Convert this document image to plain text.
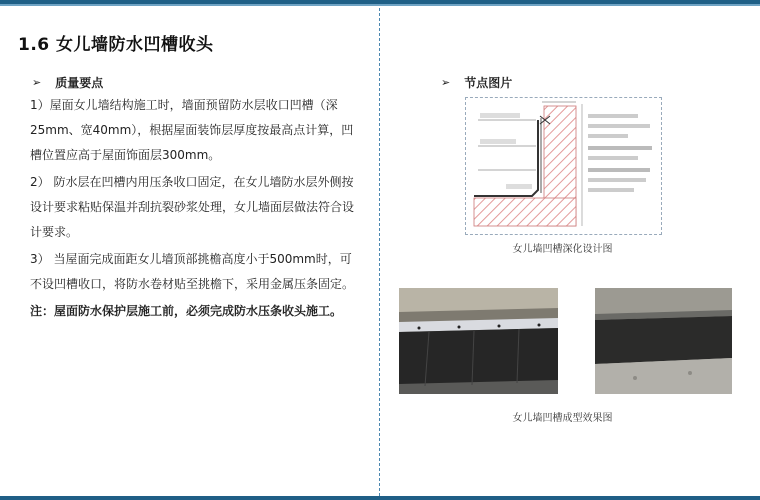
1.6 女儿墙防水凹槽收头
➢ 质量要点
1）屋面女儿墙结构施工时，墙面预留防水层收口凹槽（深25mm、宽40mm），根据屋面装饰层厚度按最高点计算，凹槽位置应高于屋面饰面层300mm。
2） 防水层在凹槽内用压条收口固定，在女儿墙防水层外侧按设计要求粘贴保温并刮抗裂砂浆处理，女儿墙面层做法符合设计要求。
3） 当屋面完成面距女儿墙顶部挑檐高度小于500mm时，可不设凹槽收口，将防水卷材贴至挑檐下，采用金属压条固定。
注：屋面防水保护层施工前，必须完成防水压条收头施工。
➢ 节点图片
女儿墙凹槽深化设计图
女儿墙凹槽成型效果图
